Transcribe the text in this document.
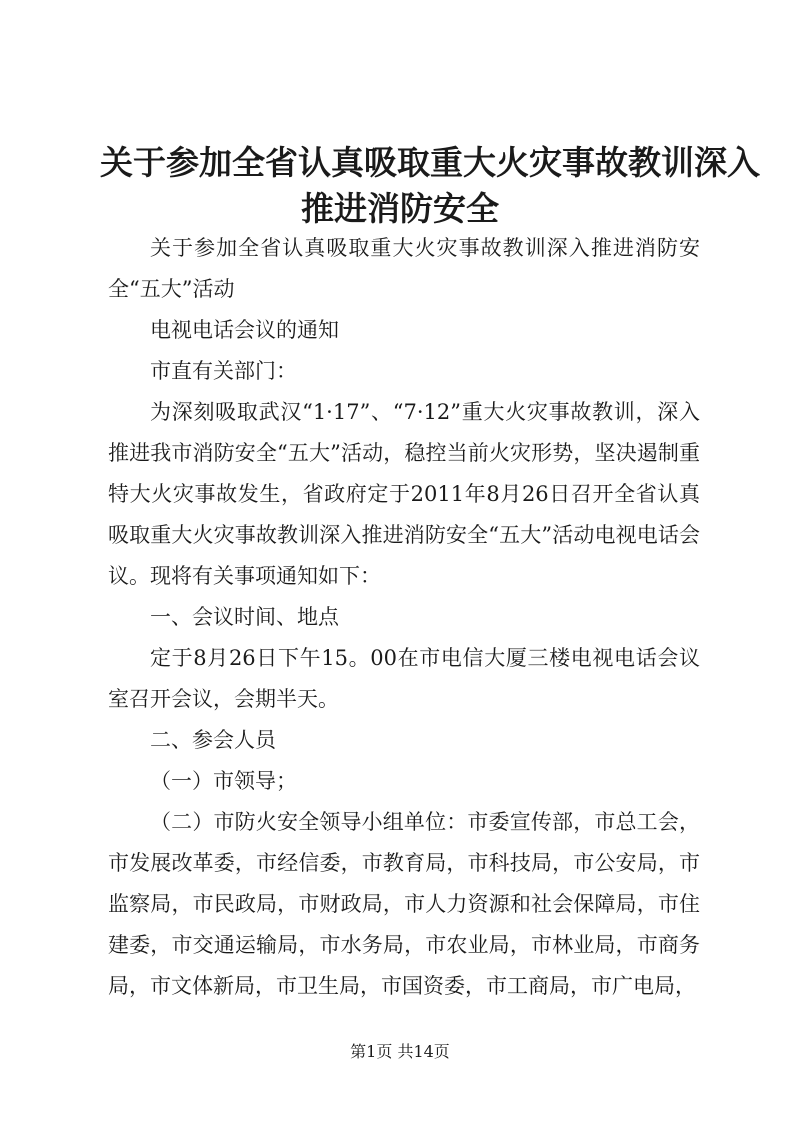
关于参加全省认真吸取重大火灾事故教训深入
推进消防安全

关于参加全省认真吸取重大火灾事故教训深入推进消防安全“五大”活动

电视电话会议的通知

市直有关部门：

为深刻吸取武汉“1·17”、“7·12”重大火灾事故教训，深入推进我市消防安全“五大”活动，稳控当前火灾形势，坚决遏制重特大火灾事故发生，省政府定于2011年8月26日召开全省认真吸取重大火灾事故教训深入推进消防安全“五大”活动电视电话会议。现将有关事项通知如下：

一、会议时间、地点

定于8月26日下午15。00在市电信大厦三楼电视电话会议室召开会议，会期半天。

二、参会人员

（一）市领导；

（二）市防火安全领导小组单位：市委宣传部，市总工会，市发展改革委，市经信委，市教育局，市科技局，市公安局，市监察局，市民政局，市财政局，市人力资源和社会保障局，市住建委，市交通运输局，市水务局，市农业局，市林业局，市商务局，市文体新局，市卫生局，市国资委，市工商局，市广电局，

第1页 共14页
